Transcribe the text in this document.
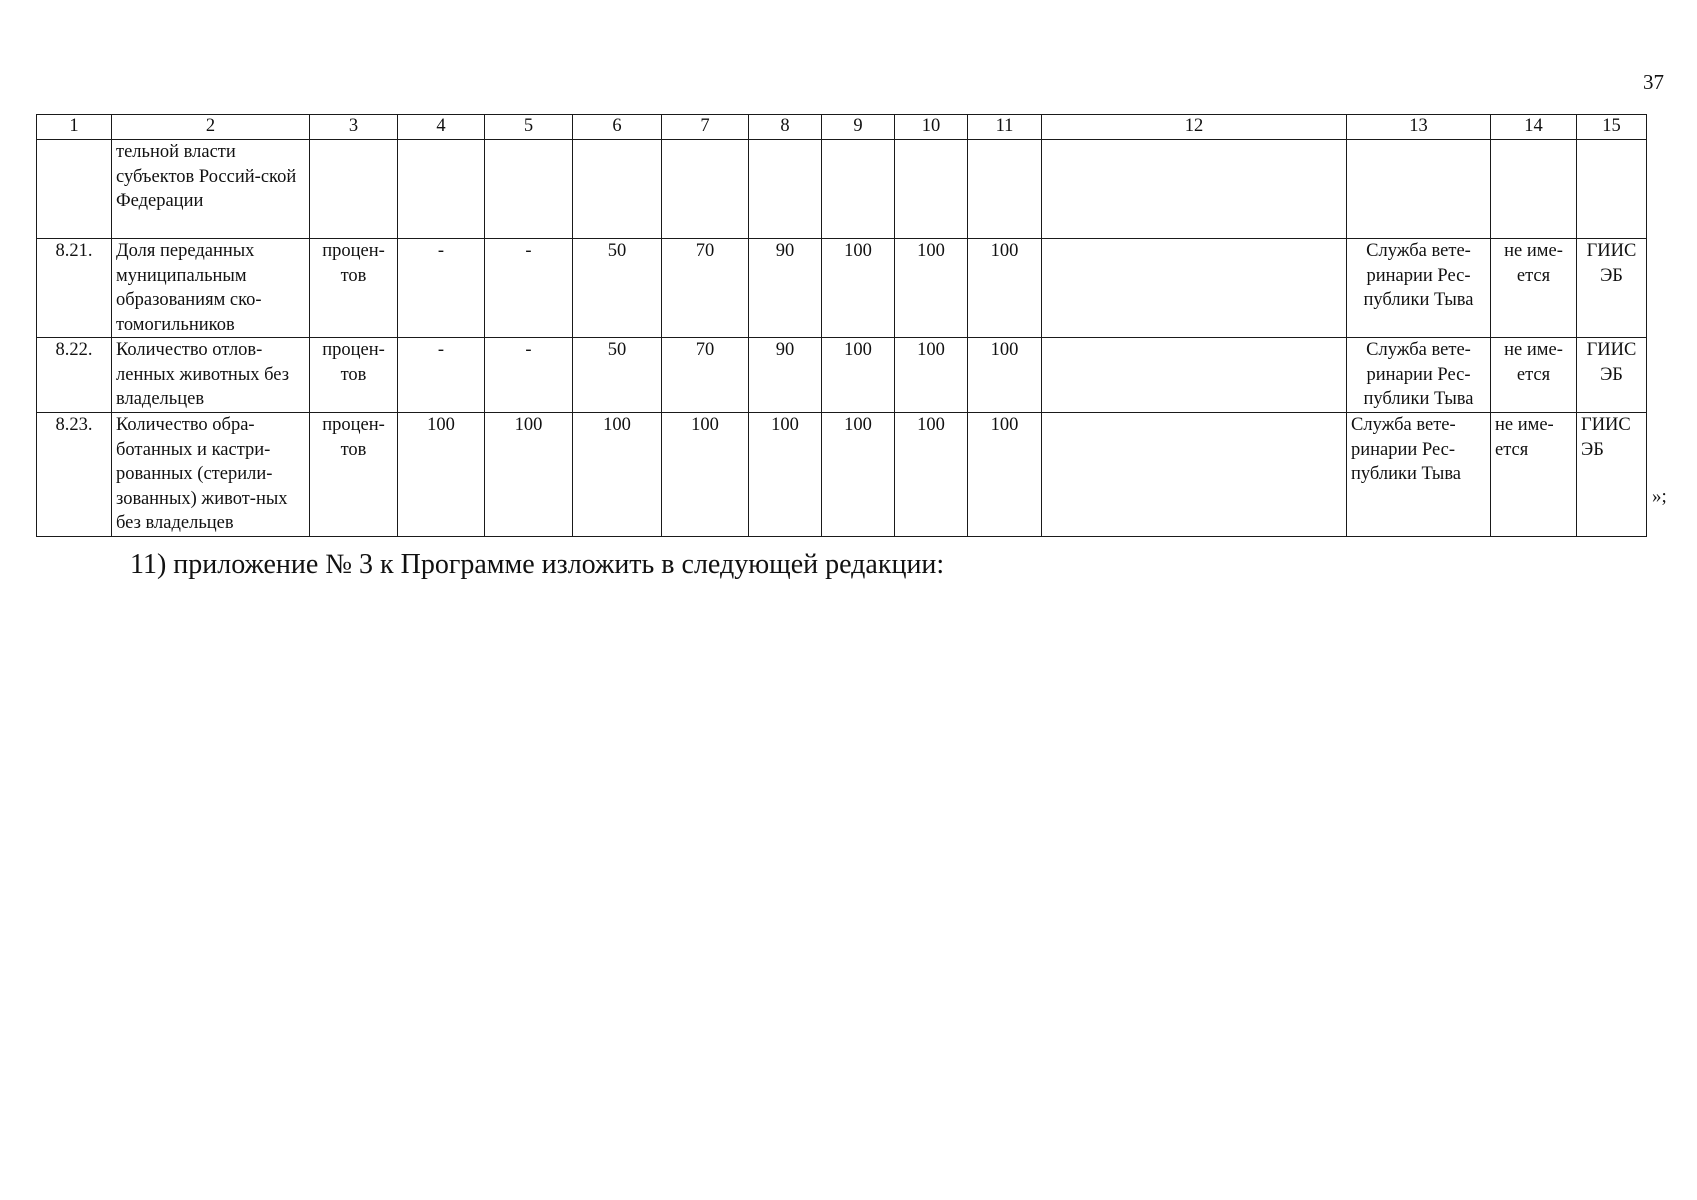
37
1	2	3	4	5	6	7	8	9	10	11	12	13	14	15
	тельной власти субъектов Россий-ской Федерации													
8.21.	Доля переданных муниципальным образованиям ско-томогильников	процен-тов	-	-	50	70	90	100	100	100		Служба вете-ринарии Рес-публики Тыва	не име-ется	ГИИС ЭБ
8.22.	Количество отлов-ленных животных без владельцев	процен-тов	-	-	50	70	90	100	100	100		Служба вете-ринарии Рес-публики Тыва	не име-ется	ГИИС ЭБ
8.23.	Количество обра-ботанных и кастри-рованных (стерили-зованных) живот-ных без владельцев	процен-тов	100	100	100	100	100	100	100	100		Служба вете-ринарии Рес-публики Тыва	не име-ется	ГИИС ЭБ
»;
11) приложение № 3 к Программе изложить в следующей редакции:
